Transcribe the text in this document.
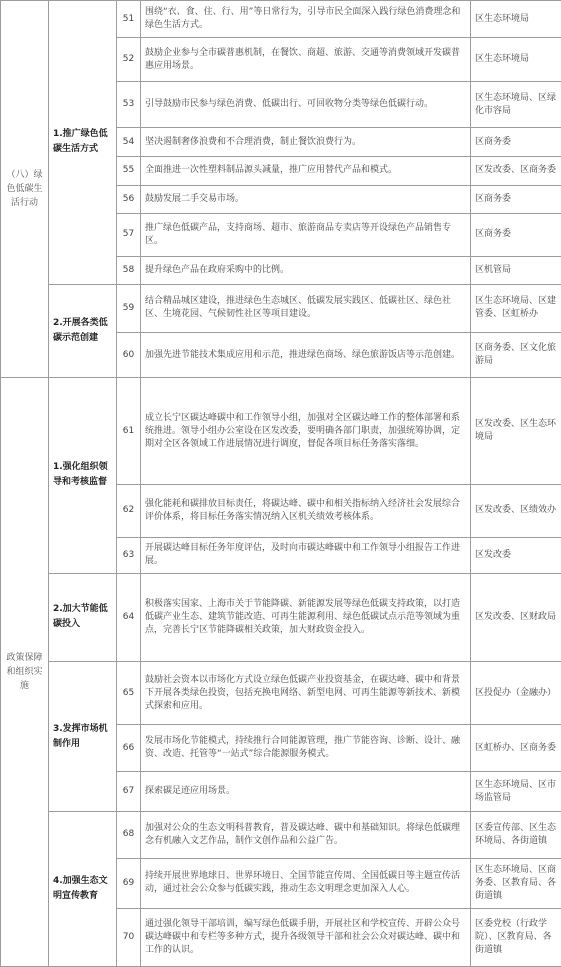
（八）绿色低碳生活行动	1.推广绿色低碳生活方式	51	围绕“衣、食、住、行、用”等日常行为，引导市民全面深入践行绿色消费理念和绿色生活方式。	区生态环境局
		52	鼓励企业参与全市碳普惠机制，在餐饮、商超、旅游、交通等消费领域开发碳普惠应用场景。	区生态环境局
		53	引导鼓励市民参与绿色消费、低碳出行、可回收物分类等绿色低碳行动。	区生态环境局、区绿化市容局
		54	坚决遏制奢侈浪费和不合理消费，制止餐饮浪费行为。	区商务委
		55	全面推进一次性塑料制品源头减量，推广应用替代产品和模式。	区发改委、区商务委
		56	鼓励发展二手交易市场。	区商务委
		57	推广绿色低碳产品，支持商场、超市、旅游商品专卖店等开设绿色产品销售专区。	区商务委
		58	提升绿色产品在政府采购中的比例。	区机管局
	2.开展各类低碳示范创建	59	结合精品城区建设，推进绿色生态城区、低碳发展实践区、低碳社区、绿色社区、生境花园、气候韧性社区等项目建设。	区生态环境局、区建管委、区虹桥办
		60	加强先进节能技术集成应用和示范，推进绿色商场、绿色旅游饭店等示范创建。	区商务委、区文化旅游局
政策保障和组织实施	1.强化组织领导和考核监督	61	成立长宁区碳达峰碳中和工作领导小组，加强对全区碳达峰工作的整体部署和系统推进。领导小组办公室设在区发改委，要明确各部门职责，加强统筹协调，定期对全区各领域工作进展情况进行调度，督促各项目标任务落实落细。	区发改委、区生态环境局
		62	强化能耗和碳排放目标责任，将碳达峰、碳中和相关指标纳入经济社会发展综合评价体系，将目标任务落实情况纳入区机关绩效考核体系。	区发改委、区绩效办
		63	开展碳达峰目标任务年度评估，及时向市碳达峰碳中和工作领导小组报告工作进展。	区发改委
	2.加大节能低碳投入	64	积极落实国家、上海市关于节能降碳、新能源发展等绿色低碳支持政策，以打造低碳产业生态、建筑节能改造、可再生能源利用、绿色低碳试点示范等领域为重点，完善长宁区节能降碳相关政策，加大财政资金投入。	区发改委、区财政局
	3.发挥市场机制作用	65	鼓励社会资本以市场化方式设立绿色低碳产业投资基金，在碳达峰、碳中和背景下开展各类绿色投资，包括充换电网络、新型电网、可再生能源等新技术、新模式探索和应用。	区投促办（金融办）
		66	发展市场化节能模式，持续推行合同能源管理，推广节能咨询、诊断、设计、融资、改造、托管等“一站式”综合能源服务模式。	区虹桥办、区商务委
		67	探索碳足迹应用场景。	区生态环境局、区市场监管局
	4.加强生态文明宣传教育	68	加强对公众的生态文明科普教育，普及碳达峰、碳中和基础知识。将绿色低碳理念有机融入文艺作品，制作文创作品和公益广告。	区委宣传部、区生态环境局、各街道镇
		69	持续开展世界地球日、世界环境日、全国节能宣传周、全国低碳日等主题宣传活动，通过社会公众参与低碳实践，推动生态文明理念更加深入人心。	区生态环境局、区商务委、区教育局、各街道镇
		70	通过强化领导干部培训，编写绿色低碳手册，开展社区和学校宣传、开辟公众号碳达峰碳中和专栏等多种方式，提升各级领导干部和社会公众对碳达峰、碳中和工作的认识。	区委党校（行政学院）、区教育局、各街道镇
